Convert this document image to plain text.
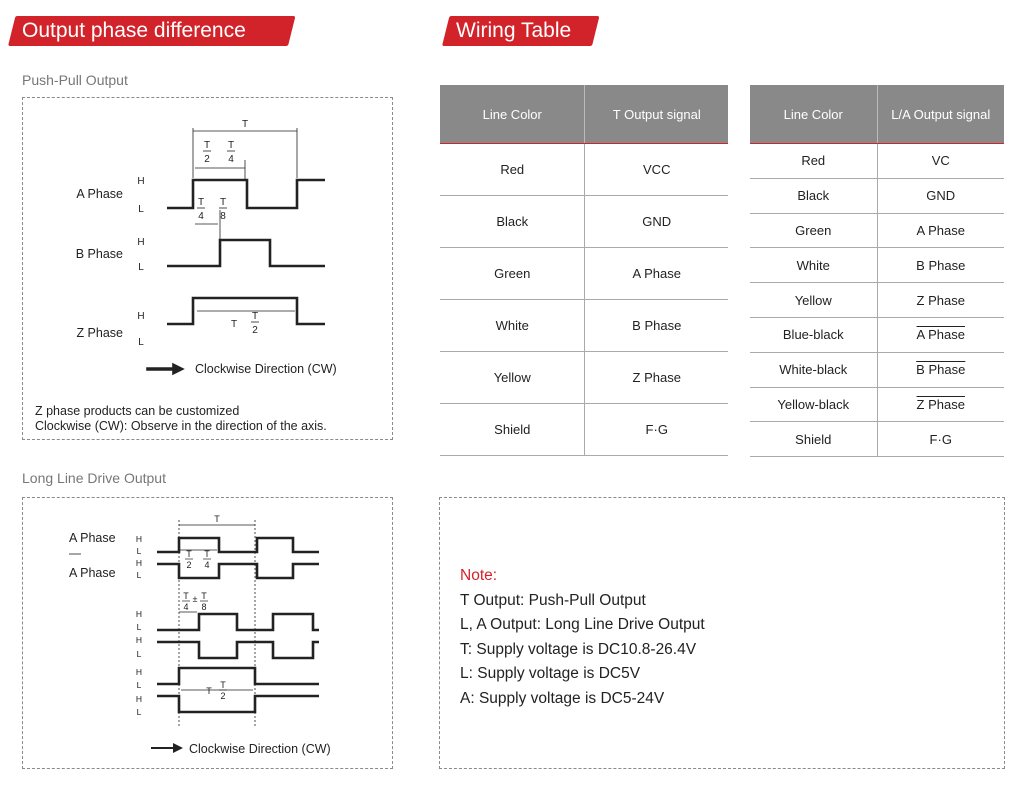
Output phase difference	Wiring Table
Push-Pull Output
T
T
2
T
4
T
4
T
8
T
T
2
H
L
H
L
H
L
A Phase
B Phase
Z Phase
Clockwise Direction (CW)
Z phase products can be customized
Clockwise (CW): Observe in the direction of the axis.
Long Line Drive Output
T
T
2
T
4
T
4
± T
8
T
T
2
H
L
H
L
H
L
H
L
H
L
H
L
A Phase
A Phase
Clockwise Direction (CW)
Line Color	T Output signal
Red	VCC
Black	GND
Green	A Phase
White	B Phase
Yellow	Z Phase
Shield	F·G
Line Color	L/A Output signal
Red	VC
Black	GND
Green	A Phase
White	B Phase
Yellow	Z Phase
Blue-black	A Phase
White-black	B Phase
Yellow-black	Z Phase
Shield	F·G
Note:
T Output: Push-Pull Output
L, A Output: Long Line Drive Output
T: Supply voltage is DC10.8-26.4V
L: Supply voltage is DC5V
A: Supply voltage is DC5-24V
